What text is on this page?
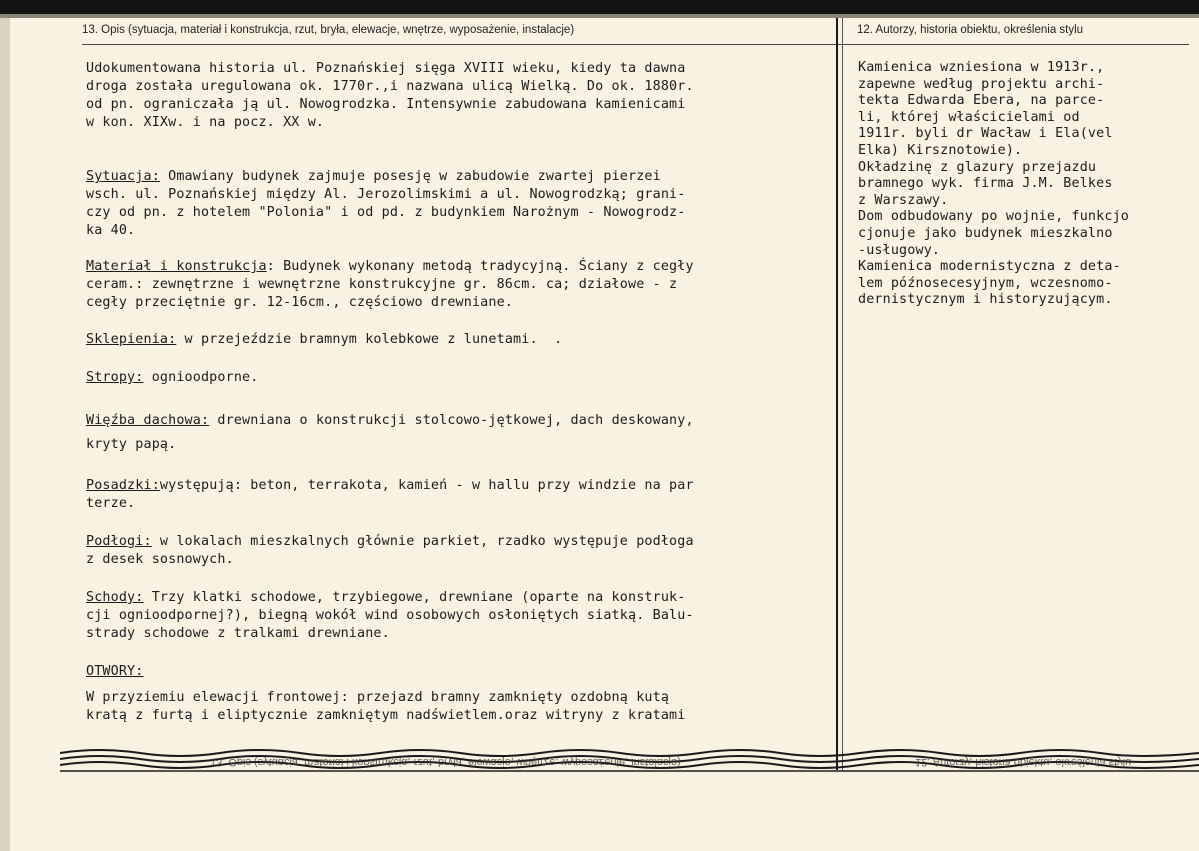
13. Opis (sytuacja, materiał i konstrukcja, rzut, bryła, elewacje, wnętrze, wyposażenie, instalacje)	12. Autorzy, historia obiektu, określenia stylu

Udokumentowana historia ul. Poznańskiej sięga XVIII wieku, kiedy ta dawna
droga została uregulowana ok. 1770r.,i nazwana ulicą Wielką. Do ok. 1880r.
od pn. ograniczała ją ul. Nowogrodzka. Intensywnie zabudowana kamienicami
w kon. XIXw. i na pocz. XX w.

Sytuacja: Omawiany budynek zajmuje posesję w zabudowie zwartej pierzei
wsch. ul. Poznańskiej między Al. Jerozolimskimi a ul. Nowogrodzką; grani-
czy od pn. z hotelem "Polonia" i od pd. z budynkiem Narożnym - Nowogrodz-
ka 40.

Materiał i konstrukcja: Budynek wykonany metodą tradycyjną. Ściany z cegły
ceram.: zewnętrzne i wewnętrzne konstrukcyjne gr. 86cm. ca; działowe - z
cegły przeciętnie gr. 12-16cm., częściowo drewniane.

Sklepienia: w przejeździe bramnym kolebkowe z lunetami.  .

Stropy: ognioodporne.

Więźba dachowa: drewniana o konstrukcji stolcowo-jętkowej, dach deskowany,
kryty papą.

Posadzki:występują: beton, terrakota, kamień - w hallu przy windzie na par
terze.

Podłogi: w lokalach mieszkalnych głównie parkiet, rzadko występuje podłoga
z desek sosnowych.

Schody: Trzy klatki schodowe, trzybiegowe, drewniane (oparte na konstruk-
cji ognioodpornej?), biegną wokół wind osobowych osłoniętych siatką. Balu-
strady schodowe z tralkami drewniane.

OTWORY:

W przyziemiu elewacji frontowej: przejazd bramny zamknięty ozdobną kutą
kratą z furtą i eliptycznie zamkniętym nadświetlem.oraz witryny z kratami

Kamienica wzniesiona w 1913r.,
zapewne według projektu archi-
tekta Edwarda Ebera, na parce-
li, której właścicielami od
1911r. byli dr Wacław i Ela(vel
Elka) Kirsznotowie).

Okładzinę z glazury przejazdu
bramnego wyk. firma J.M. Belkes
z Warszawy.

Dom odbudowany po wojnie, funkcjo
cjonuje jako budynek mieszkalno
-usługowy.

Kamienica modernistyczna z deta-
lem późnosecesyjnym, wczesnomo-
dernistycznym i historyzującym.

13. Opis (sytuacja, materiał i konstrukcja, rzut, bryła, elewacje, wnętrze, wyposażenie, instalacje)	12. Autorzy, historia obiektu, określenia stylu
